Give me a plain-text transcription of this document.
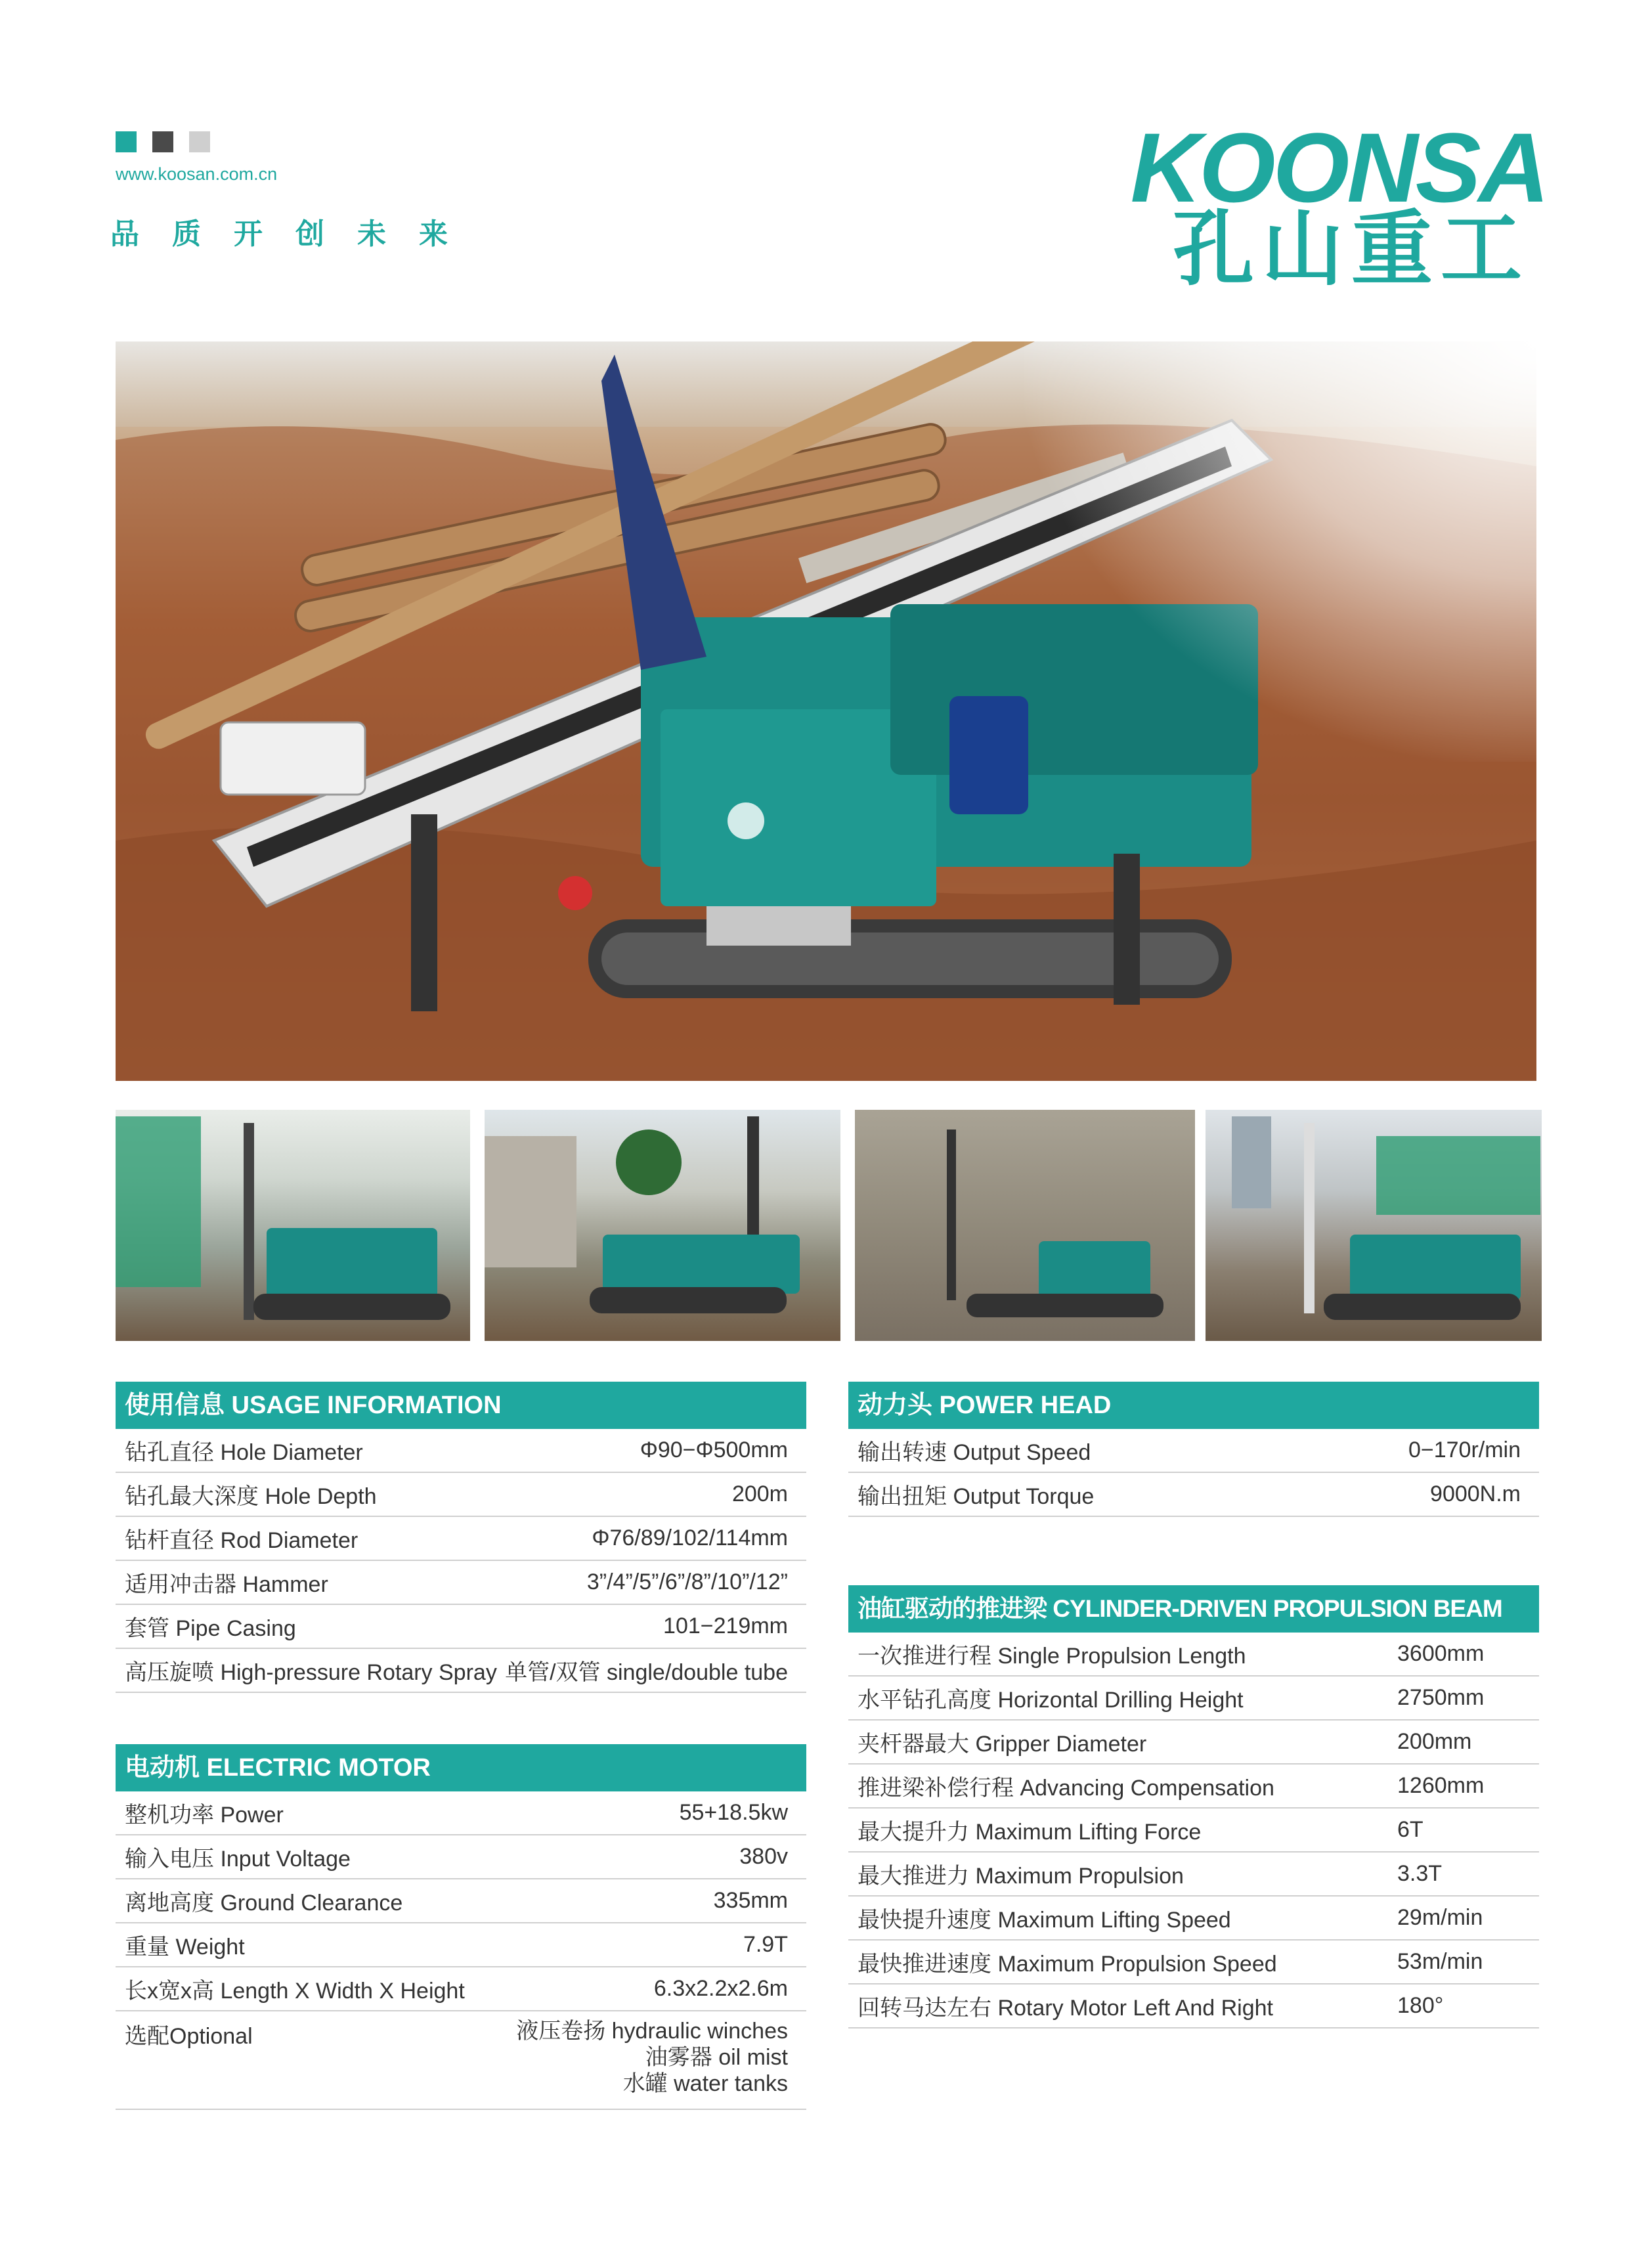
www.koosan.com.cn
品质开创未来
KOONSA
孔山重工
使用信息 USAGE INFORMATION
钻孔直径 Hole Diameter	Φ90−Φ500mm
钻孔最大深度 Hole Depth	200m
钻杆直径 Rod Diameter	Φ76/89/102/114mm
适用冲击器 Hammer	3”/4”/5”/6”/8”/10”/12”
套管 Pipe Casing	101−219mm
高压旋喷 High-pressure Rotary Spray 单管/双管 single/double tube
电动机 ELECTRIC MOTOR
整机功率 Power	55+18.5kw
输入电压 Input Voltage	380v
离地高度 Ground Clearance	335mm
重量 Weight	7.9T
长x宽x高 Length X Width X Height	6.3x2.2x2.6m
选配Optional	液压卷扬 hydraulic winches
油雾器 oil mist
水罐 water tanks
动力头 POWER HEAD
输出转速 Output Speed	0−170r/min
输出扭矩 Output Torque	9000N.m
油缸驱动的推进梁 CYLINDER-DRIVEN PROPULSION BEAM
一次推进行程 Single Propulsion Length	3600mm
水平钻孔高度 Horizontal Drilling Height	2750mm
夹杆器最大 Gripper Diameter	200mm
推进梁补偿行程 Advancing Compensation	1260mm
最大提升力 Maximum Lifting Force	6T
最大推进力 Maximum Propulsion	3.3T
最快提升速度 Maximum Lifting Speed	29m/min
最快推进速度 Maximum Propulsion Speed	53m/min
回转马达左右 Rotary Motor Left And Right	180°
